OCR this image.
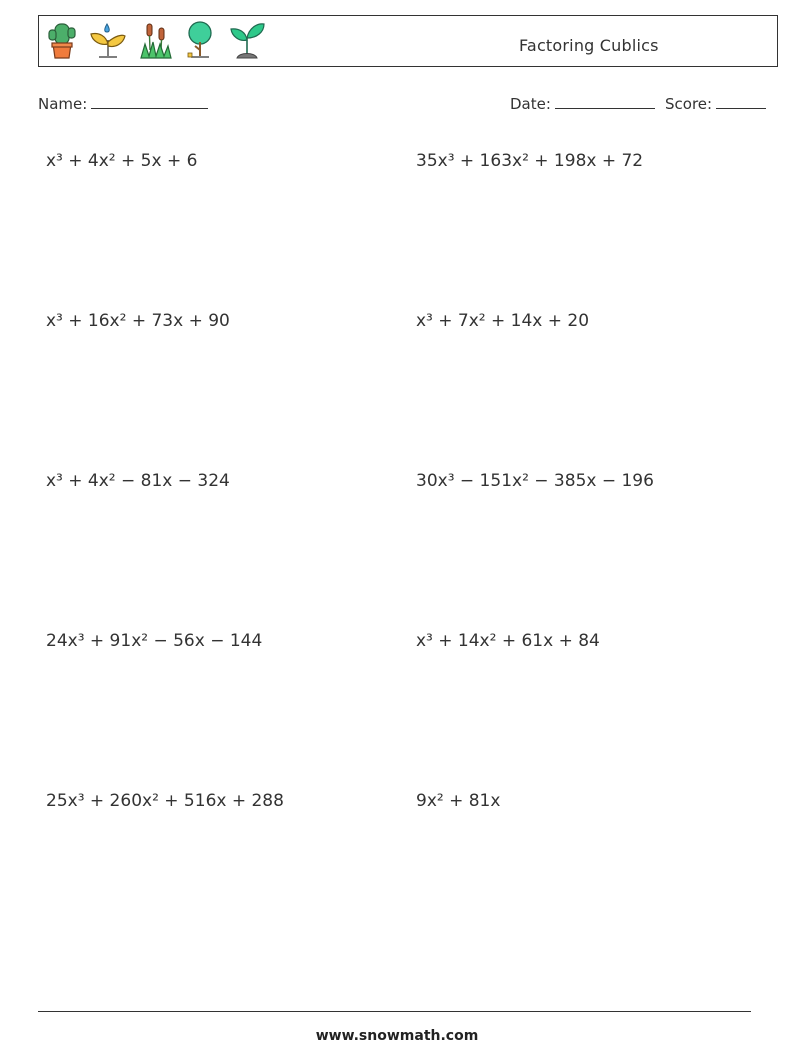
Factoring Cublics
Name:	Date:	Score:
x³ + 4x² + 5x + 6	35x³ + 163x² + 198x + 72
x³ + 16x² + 73x + 90	x³ + 7x² + 14x + 20
x³ + 4x² − 81x − 324	30x³ − 151x² − 385x − 196
24x³ + 91x² − 56x − 144	x³ + 14x² + 61x + 84
25x³ + 260x² + 516x + 288	9x² + 81x
www.snowmath.com
